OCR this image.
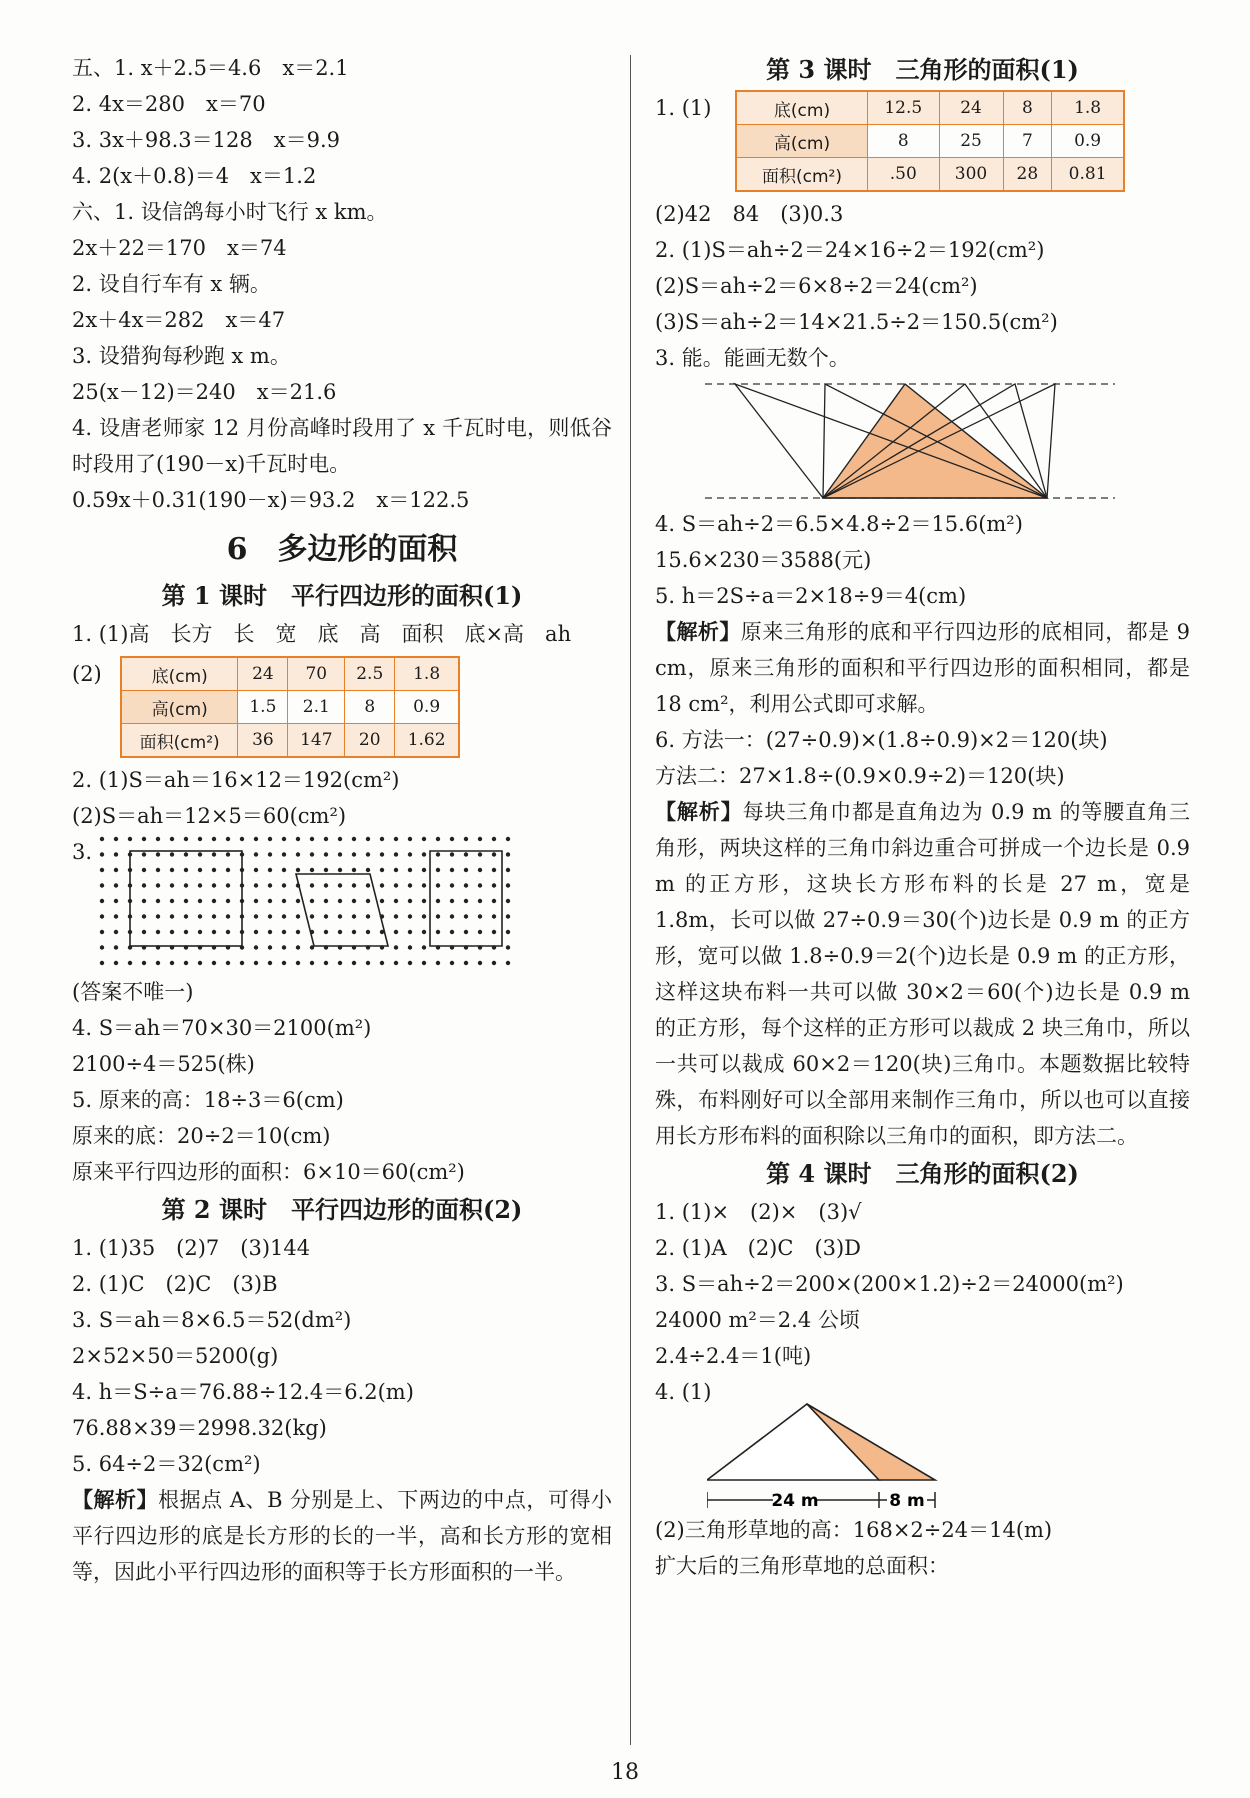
五、1. x＋2.5＝4.6　x＝2.1
2. 4x＝280　x＝70
3. 3x＋98.3＝128　x＝9.9
4. 2(x＋0.8)＝4　x＝1.2
六、1. 设信鸽每小时飞行 x km。
2x＋22＝170　x＝74
2. 设自行车有 x 辆。
2x＋4x＝282　x＝47
3. 设猎狗每秒跑 x m。
25(x－12)＝240　x＝21.6
4. 设唐老师家 12 月份高峰时段用了 x 千瓦时电，则低谷时段用了(190－x)千瓦时电。
0.59x＋0.31(190－x)＝93.2　x＝122.5
6　多边形的面积
第 1 课时　平行四边形的面积(1)
1. (1)高　长方　长　宽　底　高　面积　底×高　ah
(2)	底(cm)	24	70	2.5	1.8
高(cm)	1.5	2.1	8	0.9
面积(cm²)	36	147	20	1.62
2. (1)S＝ah＝16×12＝192(cm²)
(2)S＝ah＝12×5＝60(cm²)
3.
(答案不唯一)
4. S＝ah＝70×30＝2100(m²)
2100÷4＝525(株)
5. 原来的高：18÷3＝6(cm)
原来的底：20÷2＝10(cm)
原来平行四边形的面积：6×10＝60(cm²)
第 2 课时　平行四边形的面积(2)
1. (1)35　(2)7　(3)144
2. (1)C　(2)C　(3)B
3. S＝ah＝8×6.5＝52(dm²)
2×52×50＝5200(g)
4. h＝S÷a＝76.88÷12.4＝6.2(m)
76.88×39＝2998.32(kg)
5. 64÷2＝32(cm²)
【解析】根据点 A、B 分别是上、下两边的中点，可得小平行四边形的底是长方形的长的一半，高和长方形的宽相等，因此小平行四边形的面积等于长方形面积的一半。
第 3 课时　三角形的面积(1)
1. (1)	底(cm)	12.5	24	8	1.8
高(cm)	8	25	7	0.9
面积(cm²)	.50	300	28	0.81
(2)42　84　(3)0.3
2. (1)S＝ah÷2＝24×16÷2＝192(cm²)
(2)S＝ah÷2＝6×8÷2＝24(cm²)
(3)S＝ah÷2＝14×21.5÷2＝150.5(cm²)
3. 能。能画无数个。
4. S＝ah÷2＝6.5×4.8÷2＝15.6(m²)
15.6×230＝3588(元)
5. h＝2S÷a＝2×18÷9＝4(cm)
【解析】原来三角形的底和平行四边形的底相同，都是 9 cm，原来三角形的面积和平行四边形的面积相同，都是 18 cm²，利用公式即可求解。
6. 方法一：(27÷0.9)×(1.8÷0.9)×2＝120(块)
方法二：27×1.8÷(0.9×0.9÷2)＝120(块)
【解析】每块三角巾都是直角边为 0.9 m 的等腰直角三角形，两块这样的三角巾斜边重合可拼成一个边长是 0.9 m 的正方形，这块长方形布料的长是 27 m，宽是 1.8m，长可以做 27÷0.9＝30(个)边长是 0.9 m 的正方形，宽可以做 1.8÷0.9＝2(个)边长是 0.9 m 的正方形，这样这块布料一共可以做 30×2＝60(个)边长是 0.9 m 的正方形，每个这样的正方形可以裁成 2 块三角巾，所以一共可以裁成 60×2＝120(块)三角巾。本题数据比较特殊，布料刚好可以全部用来制作三角巾，所以也可以直接用长方形布料的面积除以三角巾的面积，即方法二。
第 4 课时　三角形的面积(2)
1. (1)×　(2)×　(3)√
2. (1)A　(2)C　(3)D
3. S＝ah÷2＝200×(200×1.2)÷2＝24000(m²)
24000 m²＝2.4 公顷
2.4÷2.4＝1(吨)
4. (1)
24 m	8 m
(2)三角形草地的高：168×2÷24＝14(m)
扩大后的三角形草地的总面积：
18
